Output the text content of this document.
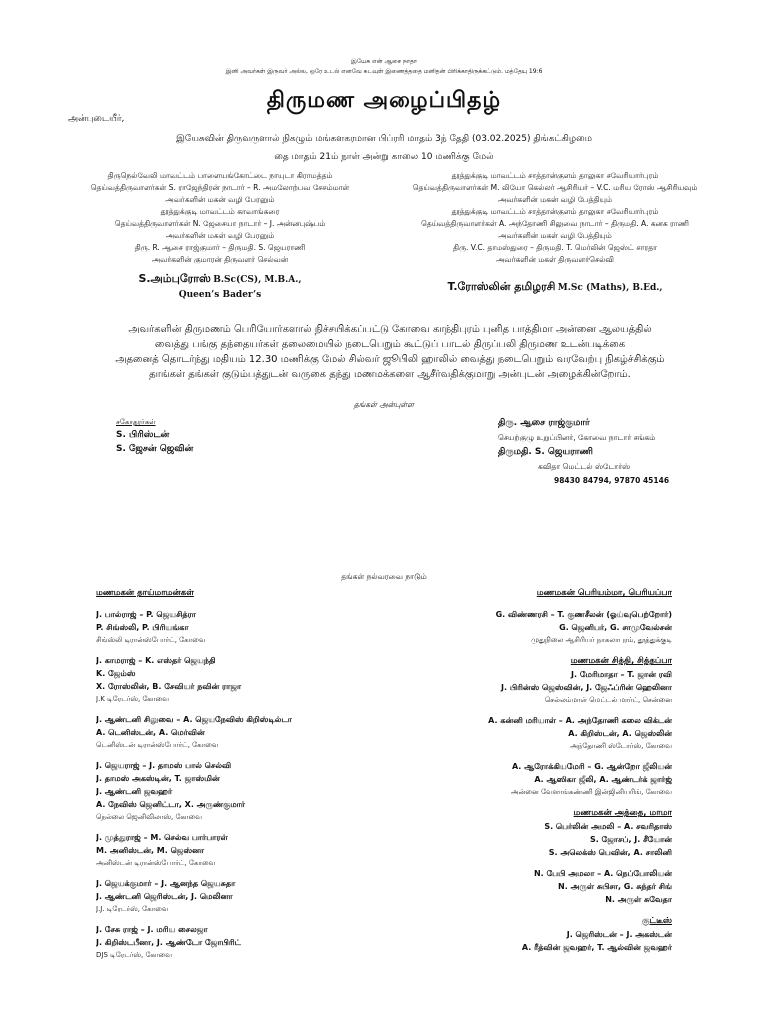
இயேசு என் ஆசை நாதா
இனி அவர்கள் இருவர் அல்ல, ஒரே உடல் எனவே கடவுள் இணைத்ததை மனிதன் பிரிக்காதிருக்கட்டும். மத்தேயு 19:6
திருமண அழைப்பிதழ்
அன்புடையீர்,
இயேசுவின் திருவருளால் நிகழும் மங்களகரமான பிப்ரரி மாதம் 3ந் தேதி (03.02.2025) திங்கட்கிழமை
தை மாதம் 21ம் நாள் அன்று காலை 10 மணிக்கு மேல்
திருநெல்வேலி மாவட்டம் பாளையங்கோட்டை நாயுடா கிராமத்தம்
தெய்வத்திருவாளர்கள் S. ராஜேந்திரன் நாடார் – R. அமலோற்பவ சேசம்மாள்
அவர்களின் மகன் வழி பேரனும்
தூத்துக்குடி மாவட்டம் காவாங்கரை
தெய்வத்திருவாளர்கள் N. ஜேசையா நாடார் – J. அன்னபுஷ்பம்
அவர்களின் மகள் வழி பேரனும்
திரு. R. ஆசை ராஜ்குமார் – திருமதி. S. ஜெயராணி
அவர்களின் குமாரன் திருவளர் செல்வன்
S.அம்புரோஸ் B.Sc(CS), M.B.A.,
Queen’s Bader’s
தூத்துக்குடி மாவட்டம் சாத்தான்குளம் தாலுகா சவேரியார்புரம்
தெய்வத்திருவாளர்கள் M. லியோ கெல்லர் ஆசிரியர் – V.C. மரிய ரோஸ் ஆசிரியவும்
அவர்களின் மகன் வழி பேத்தியும்
தூத்துக்குடி மாவட்டம் சாத்தான்குளம் தாலுகா சவேரியார்புரம்
தெய்வத்திருவாளர்கள் A. அந்தோணி சிலுவை நாடார் – திருமதி. A. கனக ராணி
அவர்களின் மகள் வழி பேத்தியும்
திரு. V.C. தாமஸ்துரை – திருமதி. T. மெர்லின் ஜெஸ்ட் சாரதா
அவர்களின் மகள் திருவளர்செல்வி
T.ரோஸ்லின் தமிழரசி M.Sc (Maths), B.Ed.,
அவர்களின் திருமணம் பெரியோர்களால் நிச்சயிக்கப்பட்டு கோவை காந்திபுரம் புனித பாத்திமா அன்னை ஆலயத்தில்
வைத்து பங்கு தந்தையர்கள் தலைமையில் நடைபெறும் கூட்டுப் பாடல் திருப்பலி திருமண உடன்படிக்கை
அதனைத் தொடர்ந்து மதியம் 12.30 மணிக்கு மேல் சில்வர் ஜூபிலி ஹாலில் வைத்து நடைபெறும் வரவேற்பு நிகழ்ச்சிக்கும்
தாங்கள் தங்கள் குடும்பத்துடன் வருகை தந்து மணமக்களை ஆசீர்வதிக்குமாறு அன்புடன் அழைக்கின்றோம்.
தங்கள் அன்புள்ள
சகோதரர்கள்
S. பிரிஸ்டன்
S. ஜேசன் ஜெவின்
திரு. ஆசை ராஜ்குமார்
செயற்குழு உறுப்பினர், கோவை நாடார் சங்கம்
திருமதி. S. ஜெயராணி
கவிதா மெட்டல் ஸ்டோர்ஸ்
98430 84794, 97870 45146
தங்கள் நல்வரவை நாடும்
மணமகன் தாய்மாமன்கள்
J. பால்ராஜ் – P. ஜெயசித்ரா
P. சிங்ஸ்லி, P. பிரியங்கா
சிங்ஸ்லி டிரான்ஸ்போர்ட், கோவை
J. காமராஜ் – K. எஸ்தர் ஜெயந்தி
K. ஜேம்ஸ்
X. ரோஸ்லின், B. சேவியர் நவின் ராஜா
J.K டிரேடர்ஸ், கோவை
J. ஆண்டனி சிலுவை – A. ஜெயநேவிஸ் கிறிஸ்டில்டா
A. டெனிஸ்டன், A. மெர்வின்
டெனிஸ்டன் டிரான்ஸ்போர்ட், கோவை
J. ஜெயராஜ் – J. தாமஸ் பால் செல்வி
J. தாமஸ் அகஸ்டின், T. ஜாஸ்மின்
J. ஆண்டனி ஜவஹர்
A. நேவிஸ் ஜெனிட்டா, X. அருண்குமார்
நெல்லை ஜெனிவிலாஸ், கோவை
J. முத்துராஜ் – M. செல்வ பார்பாரள்
M. அனிஸ்டன், M. ஜெஸ்னா
அனிஸ்டன் டிரான்ஸ்போர்ட், கோவை
J. ஜெயக்குமார் – J. ஆனந்த ஜெயசுதா
J. ஆண்டனி ஜெரிஸ்டன், J. மெலினா
J.J. டிரேடர்ஸ், கோவை
J. சேசு ராஜ் – J. மரிய சைலஜா
J. கிறிஸ்டபீனா, J. ஆண்டோ ஜோபிரிட்
DJS டிரேடர்ஸ், கோவை
மணமகன் பெரியம்மா, பெரியப்பா
G. விண்ணரசி – T. குணசீலன் (ஓய்வுபெற்றோர்)
G. ஜெனிபர், G. சாமுவேல்சன்
முதுநிலை ஆசிரியர் நாகலாபுரம், தூத்துக்குடி
மணமகன் சித்தி, சித்தப்பா
J. மேரிமாதா – T. ஜான் ரவி
J. பிரின்ஸ் ஜெஸ்வின், J. ஜேஃப்ரின் ஹெலினா
செல்லம்மாள் மெட்டல் மார்ட், சென்னை
A. கன்னி மரியாள் – A. அந்தோணி கலை விக்டன்
A. கிறிஸ்டன், A. ஜெஸ்லின்
அந்தோணி ஸ்டோர்ஸ், கோவை
A. ஆரோக்கியமேரி – G. ஆன்றோ ஜீலியன்
A. ஆஸிகா ஜீலி, A. ஆண்டர்க் ஜார்ஜ்
அன்னை வேளாங்கண்ணி இன்ஜினியரிங், கோவை
மணமகன் அத்தை, மாமா
S. பெர்லின் அமலி – A. சவரிதாஸ்
S. ஜோசப், J. சீயோன்
S. அலெக்ஸ் பெவின், A. சாலினி
N. பேபி அமலா – A. நெப்போலியன்
N. அருள் சுபிசா, G. சுந்தர் சிங்
N. அருள் சுவேதா
குட்டீஸ்
J. ஜெரிஸ்டன் – J. அகஸ்டன்
A. ரீத்வின் ஜவஹர், T. ஆல்வின் ஜவஹர்
